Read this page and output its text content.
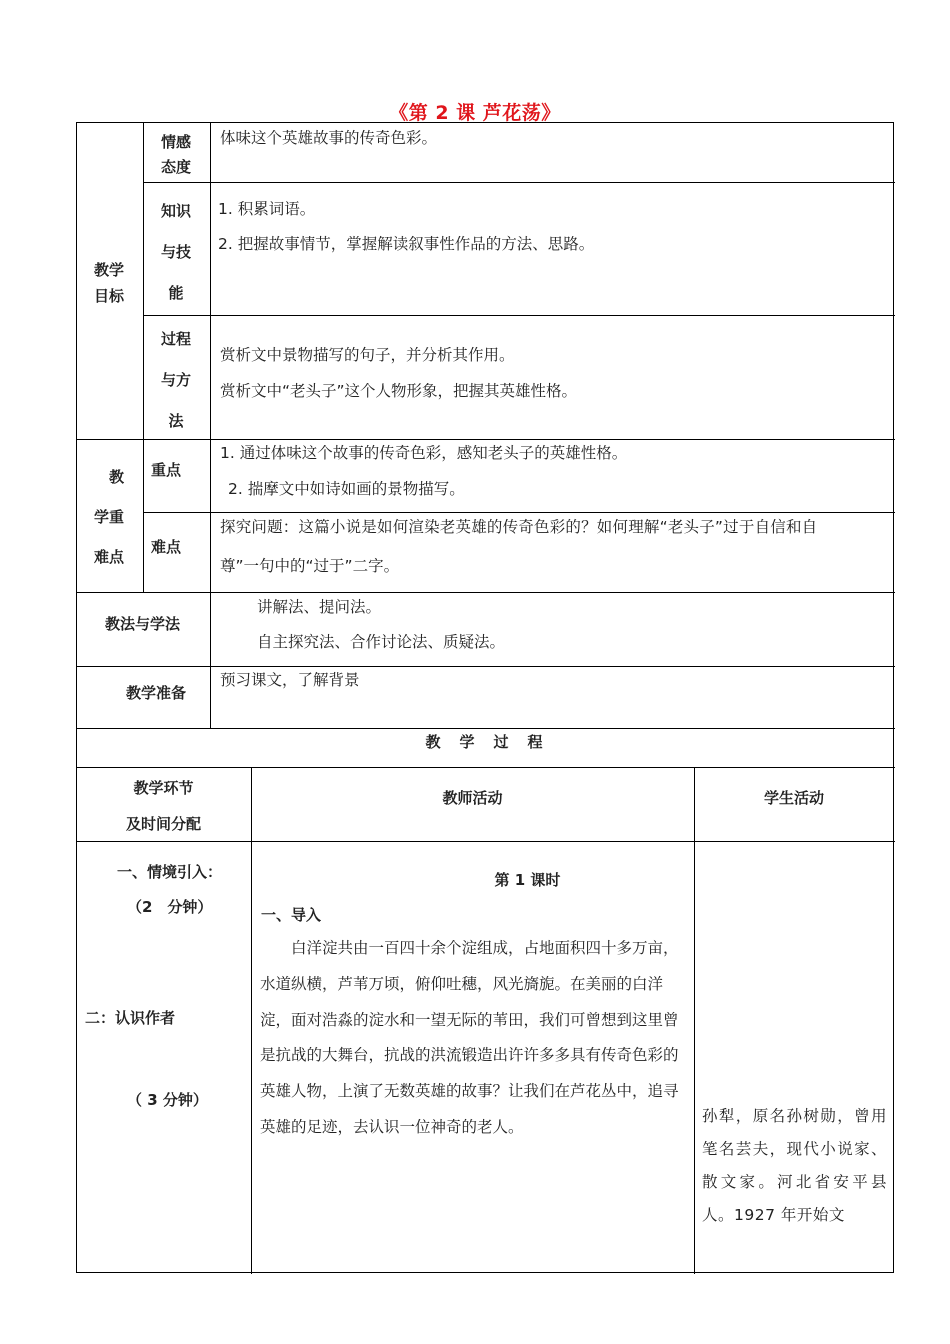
《第 2 课 芦花荡》
教学
目标
情感
态度
体味这个英雄故事的传奇色彩。
知识
与技
能
1. 积累词语。
2. 把握故事情节，掌握解读叙事性作品的方法、思路。
过程
与方
法
赏析文中景物描写的句子，并分析其作用。
赏析文中“老头子”这个人物形象，把握其英雄性格。
教
学重
难点
重点
1. 通过体味这个故事的传奇色彩，感知老头子的英雄性格。
2. 揣摩文中如诗如画的景物描写。
难点
探究问题：这篇小说是如何渲染老英雄的传奇色彩的？如何理解“老头子”过于自信和自
尊”一句中的“过于”二字。
教法与学法
讲解法、提问法。
自主探究法、合作讨论法、质疑法。
教学准备
预习课文，了解背景
教　学　过　程
教学环节
及时间分配
教师活动	学生活动
一、情境引入：
（2　分钟）
二：认识作者
（ 3 分钟）
第 1 课时
一、导入
白洋淀共由一百四十余个淀组成，占地面积四十多万亩，水道纵横，芦苇万顷，俯仰吐穗，风光旖旎。在美丽的白洋淀，面对浩淼的淀水和一望无际的苇田，我们可曾想到这里曾是抗战的大舞台，抗战的洪流锻造出许许多多具有传奇色彩的英雄人物，上演了无数英雄的故事？让我们在芦花丛中，追寻英雄的足迹，去认识一位神奇的老人。
孙犁，原名孙树勋，曾用笔名芸夫，现代小说家、散文家。河北省安平县人。1927 年开始文
